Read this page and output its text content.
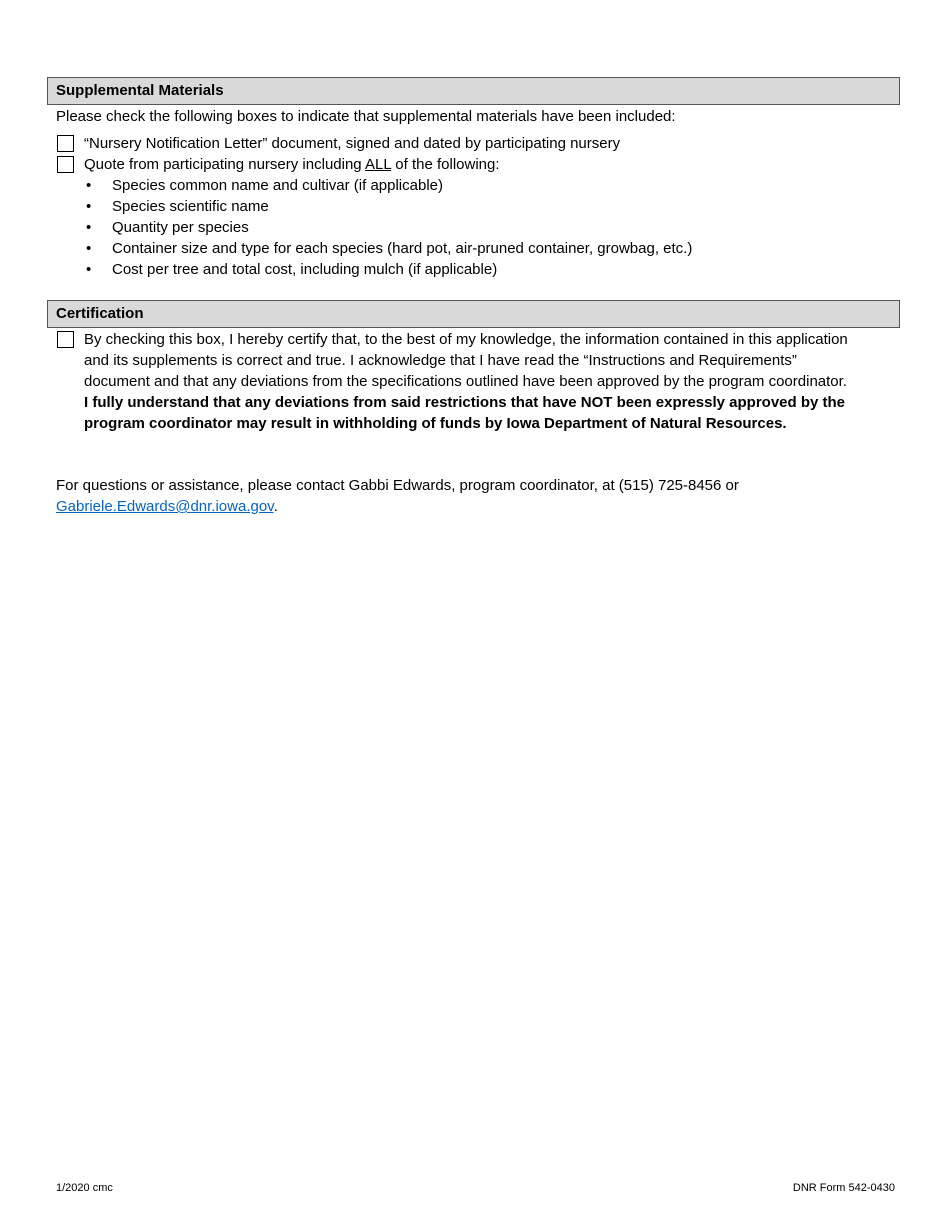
Supplemental Materials
Please check the following boxes to indicate that supplemental materials have been included:
“Nursery Notification Letter” document, signed and dated by participating nursery
Quote from participating nursery including ALL of the following:
• Species common name and cultivar (if applicable)
• Species scientific name
• Quantity per species
• Container size and type for each species (hard pot, air-pruned container, growbag, etc.)
• Cost per tree and total cost, including mulch (if applicable)
Certification
By checking this box, I hereby certify that, to the best of my knowledge, the information contained in this application
and its supplements is correct and true. I acknowledge that I have read the “Instructions and Requirements”
document and that any deviations from the specifications outlined have been approved by the program coordinator.
I fully understand that any deviations from said restrictions that have NOT been expressly approved by the
program coordinator may result in withholding of funds by Iowa Department of Natural Resources.
For questions or assistance, please contact Gabbi Edwards, program coordinator, at (515) 725-8456 or
Gabriele.Edwards@dnr.iowa.gov.
1/2020 cmc	DNR Form 542-0430
